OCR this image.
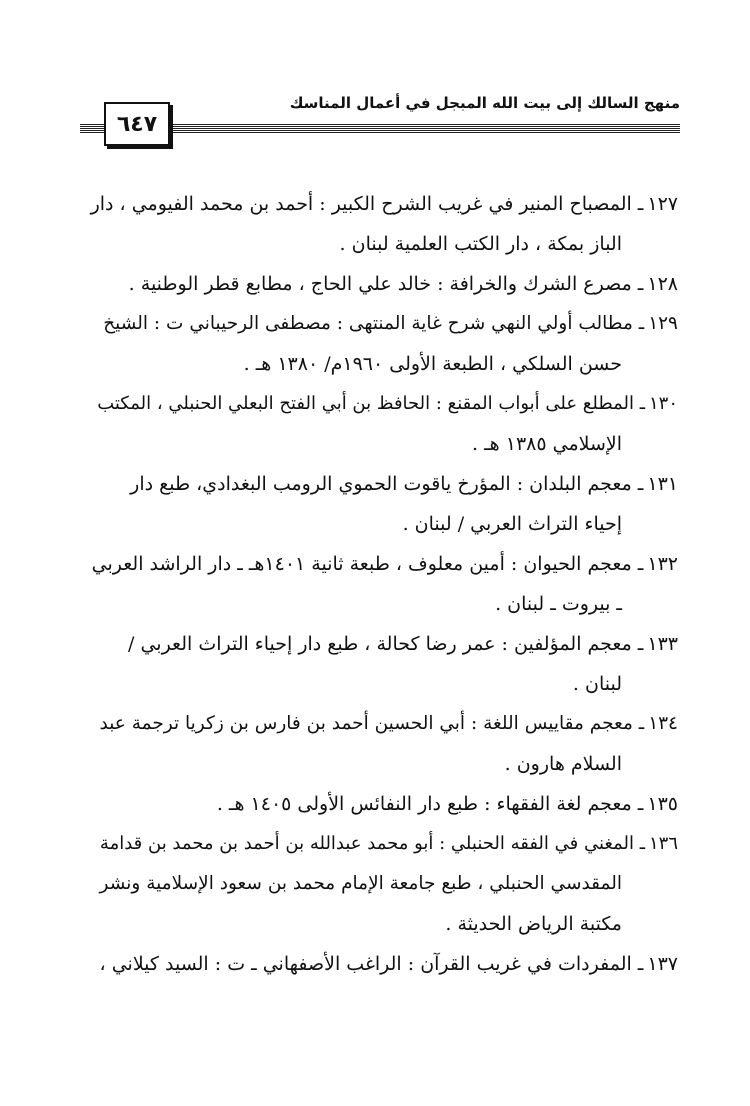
منهج السالك إلى بيت الله المبجل في أعمال المناسك
٦٤٧
١٢٧ـ المصباح المنير في غريب الشرح الكبير : أحمد بن محمد الفيومي ، دار
الباز بمكة ، دار الكتب العلمية لبنان .
١٢٨ـ مصرع الشرك والخرافة : خالد علي الحاج ، مطابع قطر الوطنية .
١٢٩ـ مطالب أولي النهي شرح غاية المنتهى : مصطفى الرحيباني ت : الشيخ
حسن السلكي ، الطبعة الأولى ١٩٦٠م/ ١٣٨٠ هـ .
١٣٠ـ المطلع على أبواب المقنع : الحافظ بن أبي الفتح البعلي الحنبلي ، المكتب
الإسلامي ١٣٨٥ هـ .
١٣١ـ معجم البلدان : المؤرخ ياقوت الحموي الرومب البغدادي، طبع دار
إحياء التراث العربي / لبنان .
١٣٢ـ معجم الحيوان : أمين معلوف ، طبعة ثانية ١٤٠١هـ ـ دار الراشد العربي
ـ بيروت ـ لبنان .
١٣٣ـ معجم المؤلفين : عمر رضا كحالة ، طبع دار إحياء التراث العربي /
لبنان .
١٣٤ـ معجم مقاييس اللغة : أبي الحسين أحمد بن فارس بن زكريا ترجمة عبد
السلام هارون .
١٣٥ـ معجم لغة الفقهاء : طبع دار النفائس الأولى ١٤٠٥ هـ .
١٣٦ـ المغني في الفقه الحنبلي : أبو محمد عبدالله بن أحمد بن محمد بن قدامة
المقدسي الحنبلي ، طبع جامعة الإمام محمد بن سعود الإسلامية ونشر
مكتبة الرياض الحديثة .
١٣٧ـ المفردات في غريب القرآن : الراغب الأصفهاني ـ ت : السيد كيلاني ،
